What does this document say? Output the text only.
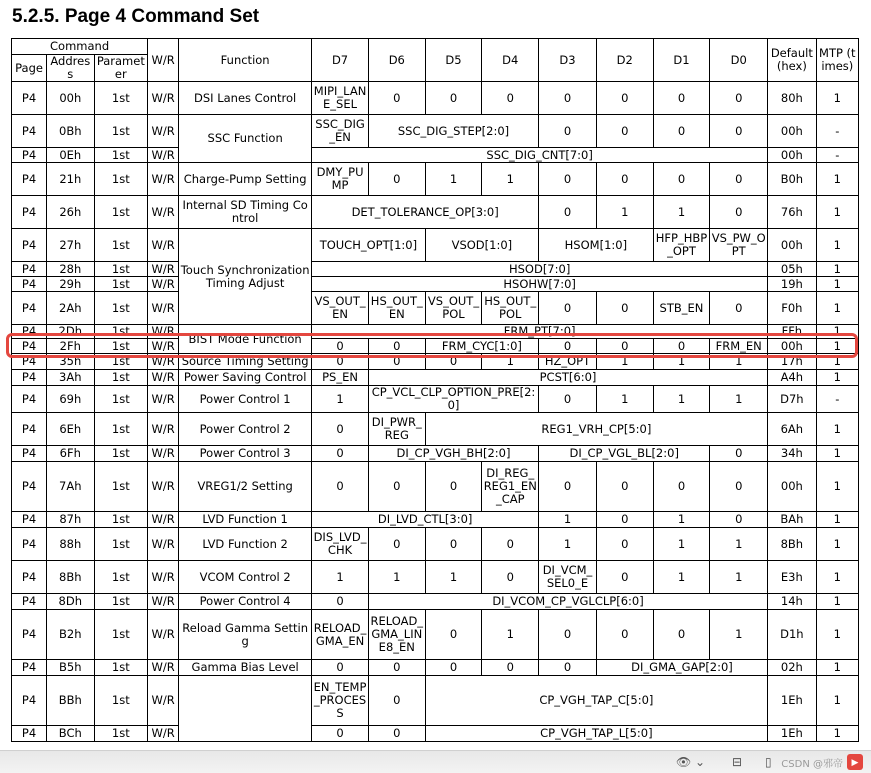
5.2.5. Page 4 Command Set
Command			W/R	Function	D7	D6	D5	D4	D3	D2	D1	D0	Default (hex)	MTP (times)
Page	Address	Parameter												
P4	00h	1st	W/R	DSI Lanes Control	MIPI_LANE_SEL	0	0	0	0	0	0	0	80h	1
P4	0Bh	1st	W/R	SSC Function	SSC_DIG_EN	SSC_DIG_STEP[2:0]			0	0	0	0	00h	-
P4	0Eh	1st	W/R		SSC_DIG_CNT[7:0]								00h	-
P4	21h	1st	W/R	Charge-Pump Setting	DMY_PUMP	0	1	1	0	0	0	0	B0h	1
P4	26h	1st	W/R	Internal SD Timing Control	DET_TOLERANCE_OP[3:0]				0	1	1	0	76h	1
P4	27h	1st	W/R	Touch Synchronization Timing Adjust	TOUCH_OPT[1:0]		VSOD[1:0]		HSOM[1:0]		HFP_HBP_OPT	VS_PW_OPT	00h	1
P4	28h	1st	W/R		HSOD[7:0]								05h	1
P4	29h	1st	W/R		HSOHW[7:0]								19h	1
P4	2Ah	1st	W/R		VS_OUT_EN	HS_OUT_EN	VS_OUT_POL	HS_OUT_POL	0	0	STB_EN	0	F0h	1
P4	2Dh	1st	W/R	BIST Mode Function	FRM_PT[7:0]								FFh	1
P4	2Fh	1st	W/R		0	0	FRM_CYC[1:0]		0	0	0	FRM_EN	00h	1
P4	35h	1st	W/R	Source Timing Setting	0	0	0	1	HZ_OPT	1	1	1	17h	1
P4	3Ah	1st	W/R	Power Saving Control	PS_EN	PCST[6:0]							A4h	1
P4	69h	1st	W/R	Power Control 1	1	CP_VCL_CLP_OPTION_PRE[2:0]			0	1	1	1	D7h	-
P4	6Eh	1st	W/R	Power Control 2	0	DI_PWR_REG	REG1_VRH_CP[5:0]						6Ah	1
P4	6Fh	1st	W/R	Power Control 3	0	DI_CP_VGH_BH[2:0]			DI_CP_VGL_BL[2:0]			0	34h	1
P4	7Ah	1st	W/R	VREG1/2 Setting	0	0	0	DI_REG_REG1_EN_CAP	0	0	0	0	00h	1
P4	87h	1st	W/R	LVD Function 1	DI_LVD_CTL[3:0]				1	0	1	0	BAh	1
P4	88h	1st	W/R	LVD Function 2	DIS_LVD_CHK	0	0	0	1	0	1	1	8Bh	1
P4	8Bh	1st	W/R	VCOM Control 2	1	1	1	0	DI_VCM_SEL0_E	0	1	1	E3h	1
P4	8Dh	1st	W/R	Power Control 4	0	DI_VCOM_CP_VGLCLP[6:0]							14h	1
P4	B2h	1st	W/R	Reload Gamma Setting	RELOAD_GMA_EN	RELOAD_GMA_LINE8_EN	0	1	0	0	0	1	D1h	1
P4	B5h	1st	W/R	Gamma Bias Level	0	0	0	0	0	DI_GMA_GAP[2:0]			02h	1
P4	BBh	1st	W/R		EN_TEMP_PROCESS	0	CP_VGH_TAP_C[5:0]						1Eh	1
P4	BCh	1st	W/R		0	0	CP_VGH_TAP_L[5:0]						1Eh	1
👁 ⌄ ⊟ ▯ CSDN @邪帝 ▶
